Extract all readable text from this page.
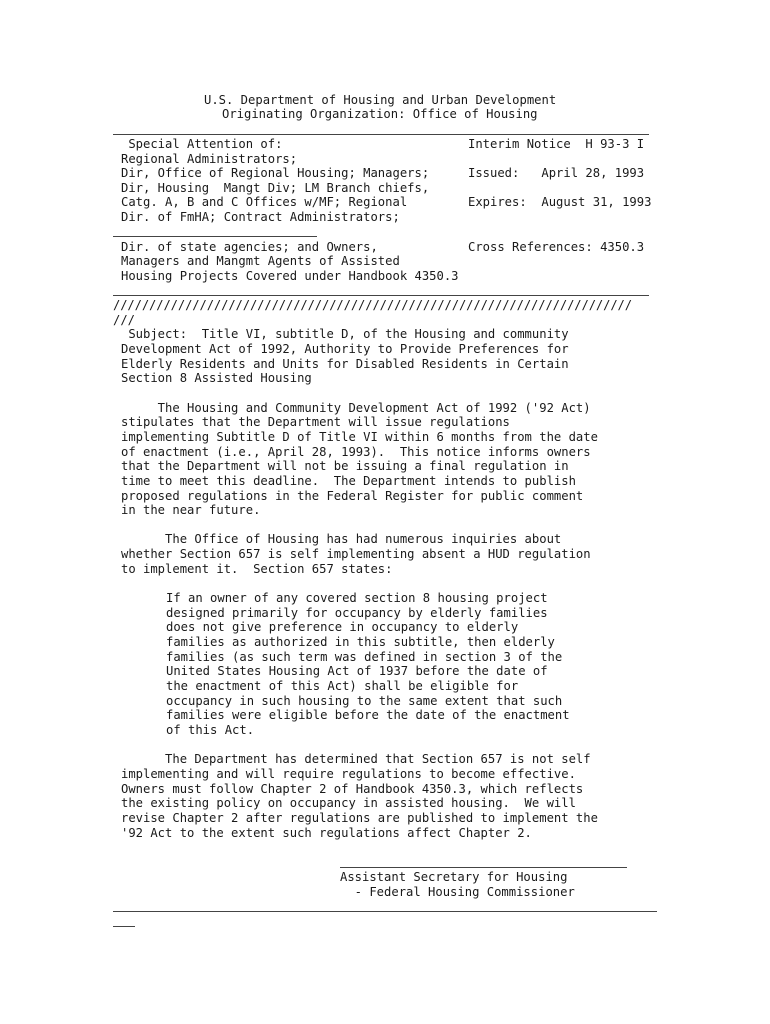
U.S. Department of Housing and Urban Development
Originating Organization: Office of Housing
Special Attention of:
Regional Administrators;
Dir, Office of Regional Housing; Managers;
Dir, Housing  Mangt Div; LM Branch chiefs,
Catg. A, B and C Offices w/MF; Regional
Dir. of FmHA; Contract Administrators;
Interim Notice  H 93-3 I
Issued:   April 28, 1993
Expires:  August 31, 1993
Dir. of state agencies; and Owners,
Managers and Mangmt Agents of Assisted
Housing Projects Covered under Handbook 4350.3
Cross References: 4350.3
////////////////////////////////////////////////////////////////////////
///
Subject:  Title VI, subtitle D, of the Housing and community
Development Act of 1992, Authority to Provide Preferences for
Elderly Residents and Units for Disabled Residents in Certain
Section 8 Assisted Housing
The Housing and Community Development Act of 1992 ('92 Act)
stipulates that the Department will issue regulations
implementing Subtitle D of Title VI within 6 months from the date
of enactment (i.e., April 28, 1993).  This notice informs owners
that the Department will not be issuing a final regulation in
time to meet this deadline.  The Department intends to publish
proposed regulations in the Federal Register for public comment
in the near future.
The Office of Housing has had numerous inquiries about
whether Section 657 is self implementing absent a HUD regulation
to implement it.  Section 657 states:
If an owner of any covered section 8 housing project
designed primarily for occupancy by elderly families
does not give preference in occupancy to elderly
families as authorized in this subtitle, then elderly
families (as such term was defined in section 3 of the
United States Housing Act of 1937 before the date of
the enactment of this Act) shall be eligible for
occupancy in such housing to the same extent that such
families were eligible before the date of the enactment
of this Act.
The Department has determined that Section 657 is not self
implementing and will require regulations to become effective.
Owners must follow Chapter 2 of Handbook 4350.3, which reflects
the existing policy on occupancy in assisted housing.  We will
revise Chapter 2 after regulations are published to implement the
'92 Act to the extent such regulations affect Chapter 2.
Assistant Secretary for Housing
- Federal Housing Commissioner
